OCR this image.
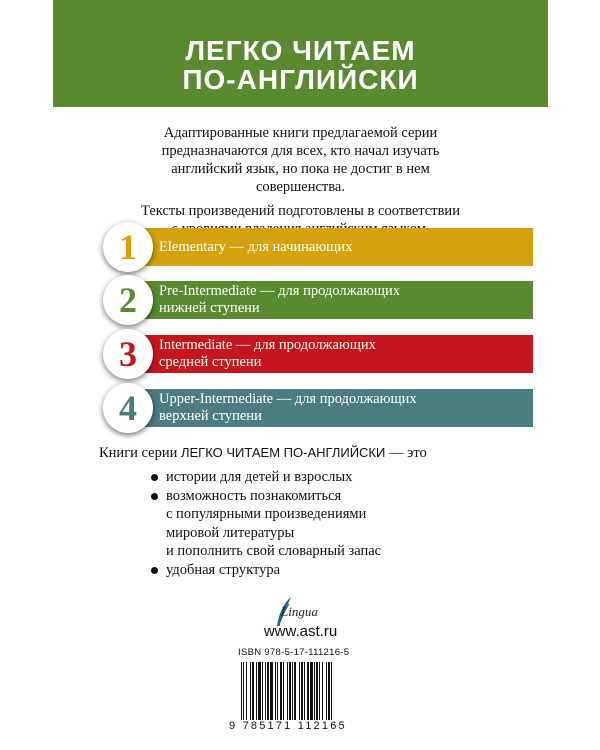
ЛЕГКО ЧИТАЕМ
ПО-АНГЛИЙСКИ

Адаптированные книги предлагаемой серии
предназначаются для всех, кто начал изучать
английский язык, но пока не достиг в нем
совершенства.

Тексты произведений подготовлены в соответствии

1	Elementary — для начинающих
2	Pre-Intermediate — для продолжающих
нижней ступени
3	Intermediate — для продолжающих
средней ступени
4	Upper-Intermediate — для продолжающих
верхней ступени
Книги серии ЛЕГКО ЧИТАЕМ ПО-АНГЛИЙСКИ — это
истории для детей и взрослых
возможность познакомиться
с популярными произведениями
мировой литературы
и пополнить свой словарный запас
удобная структура
Lingua
www.ast.ru
ISBN 978-5-17-111216-5
9 785171 112165
